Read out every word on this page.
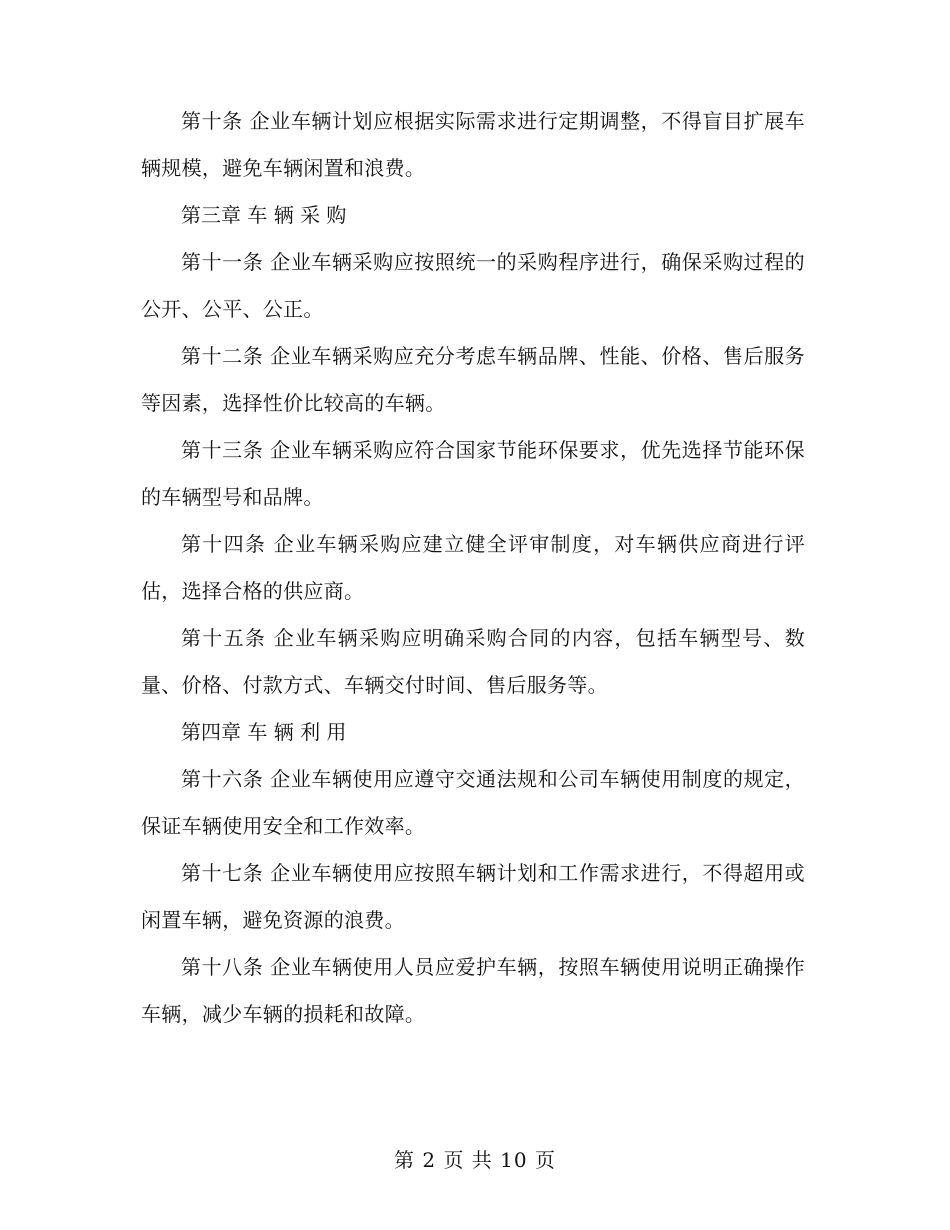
第十条 企业车辆计划应根据实际需求进行定期调整，不得盲目扩展车辆规模，避免车辆闲置和浪费。

第三章 车 辆 采 购

第十一条 企业车辆采购应按照统一的采购程序进行，确保采购过程的公开、公平、公正。

第十二条 企业车辆采购应充分考虑车辆品牌、性能、价格、售后服务等因素，选择性价比较高的车辆。

第十三条 企业车辆采购应符合国家节能环保要求，优先选择节能环保的车辆型号和品牌。

第十四条 企业车辆采购应建立健全评审制度，对车辆供应商进行评估，选择合格的供应商。

第十五条 企业车辆采购应明确采购合同的内容，包括车辆型号、数量、价格、付款方式、车辆交付时间、售后服务等。

第四章 车 辆 利 用

第十六条 企业车辆使用应遵守交通法规和公司车辆使用制度的规定，保证车辆使用安全和工作效率。

第十七条 企业车辆使用应按照车辆计划和工作需求进行，不得超用或闲置车辆，避免资源的浪费。

第十八条 企业车辆使用人员应爱护车辆，按照车辆使用说明正确操作车辆，减少车辆的损耗和故障。

第 2 页 共 10 页
